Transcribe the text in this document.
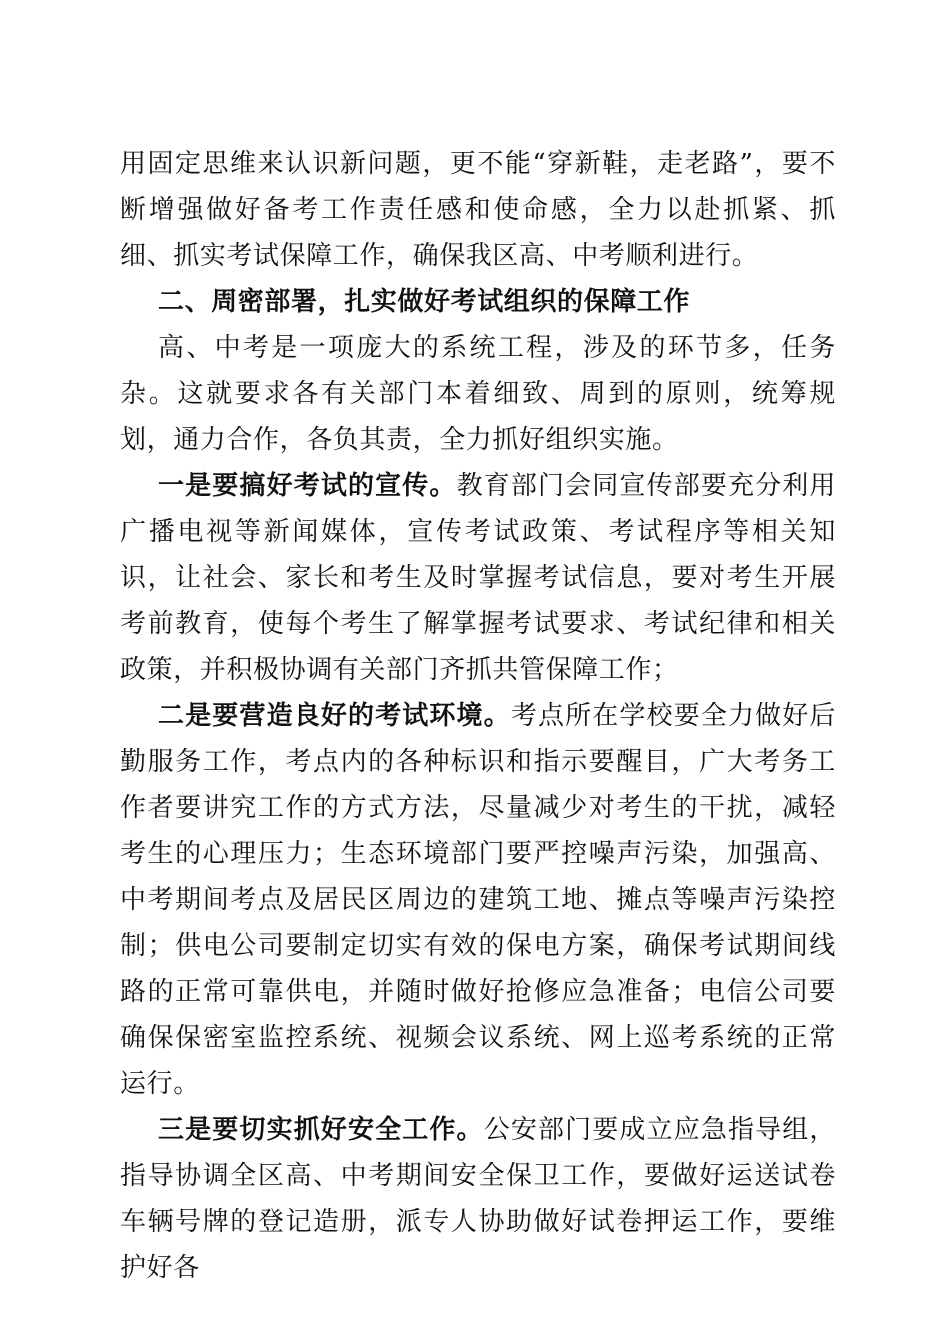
用固定思维来认识新问题，更不能“穿新鞋，走老路”，要不断增强做好备考工作责任感和使命感，全力以赴抓紧、抓细、抓实考试保障工作，确保我区高、中考顺利进行。

二、周密部署，扎实做好考试组织的保障工作

高、中考是一项庞大的系统工程，涉及的环节多，任务杂。这就要求各有关部门本着细致、周到的原则，统筹规划，通力合作，各负其责，全力抓好组织实施。

一是要搞好考试的宣传。教育部门会同宣传部要充分利用广播电视等新闻媒体，宣传考试政策、考试程序等相关知识，让社会、家长和考生及时掌握考试信息，要对考生开展考前教育，使每个考生了解掌握考试要求、考试纪律和相关政策，并积极协调有关部门齐抓共管保障工作；

二是要营造良好的考试环境。考点所在学校要全力做好后勤服务工作，考点内的各种标识和指示要醒目，广大考务工作者要讲究工作的方式方法，尽量减少对考生的干扰，减轻考生的心理压力；生态环境部门要严控噪声污染，加强高、中考期间考点及居民区周边的建筑工地、摊点等噪声污染控制；供电公司要制定切实有效的保电方案，确保考试期间线路的正常可靠供电，并随时做好抢修应急准备；电信公司要确保保密室监控系统、视频会议系统、网上巡考系统的正常运行。

三是要切实抓好安全工作。公安部门要成立应急指导组，指导协调全区高、中考期间安全保卫工作，要做好运送试卷车辆号牌的登记造册，派专人协助做好试卷押运工作，要维护好各
